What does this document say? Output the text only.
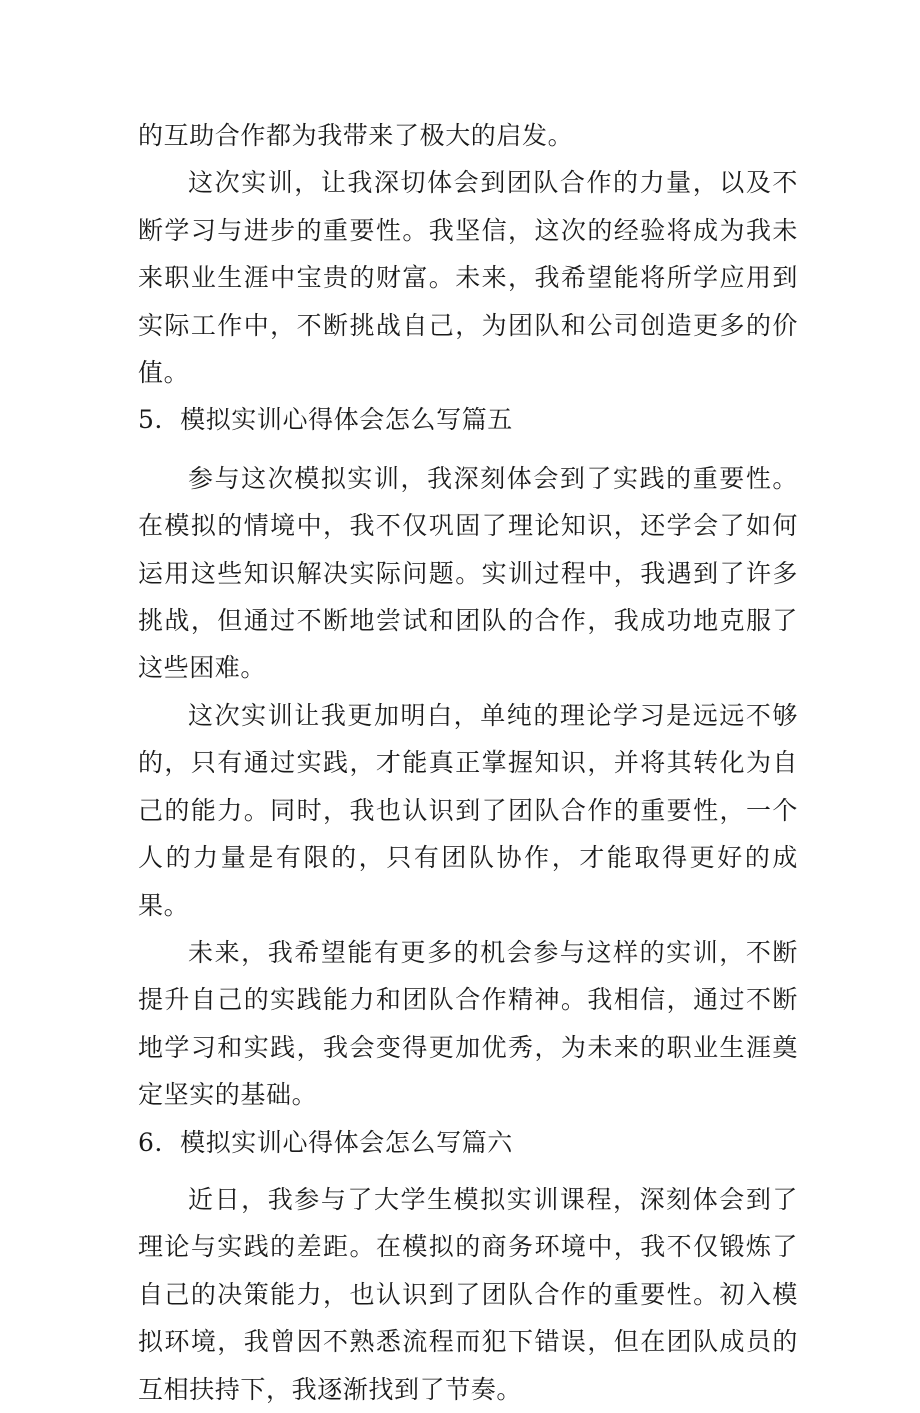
的互助合作都为我带来了极大的启发。

这次实训，让我深切体会到团队合作的力量，以及不断学习与进步的重要性。我坚信，这次的经验将成为我未来职业生涯中宝贵的财富。未来，我希望能将所学应用到实际工作中，不断挑战自己，为团队和公司创造更多的价值。

5．模拟实训心得体会怎么写篇五

参与这次模拟实训，我深刻体会到了实践的重要性。在模拟的情境中，我不仅巩固了理论知识，还学会了如何运用这些知识解决实际问题。实训过程中，我遇到了许多挑战，但通过不断地尝试和团队的合作，我成功地克服了这些困难。

这次实训让我更加明白，单纯的理论学习是远远不够的，只有通过实践，才能真正掌握知识，并将其转化为自己的能力。同时，我也认识到了团队合作的重要性，一个人的力量是有限的，只有团队协作，才能取得更好的成果。

未来，我希望能有更多的机会参与这样的实训，不断提升自己的实践能力和团队合作精神。我相信，通过不断地学习和实践，我会变得更加优秀，为未来的职业生涯奠定坚实的基础。

6．模拟实训心得体会怎么写篇六

近日，我参与了大学生模拟实训课程，深刻体会到了理论与实践的差距。在模拟的商务环境中，我不仅锻炼了自己的决策能力，也认识到了团队合作的重要性。初入模拟环境，我曾因不熟悉流程而犯下错误，但在团队成员的互相扶持下，我逐渐找到了节奏。
